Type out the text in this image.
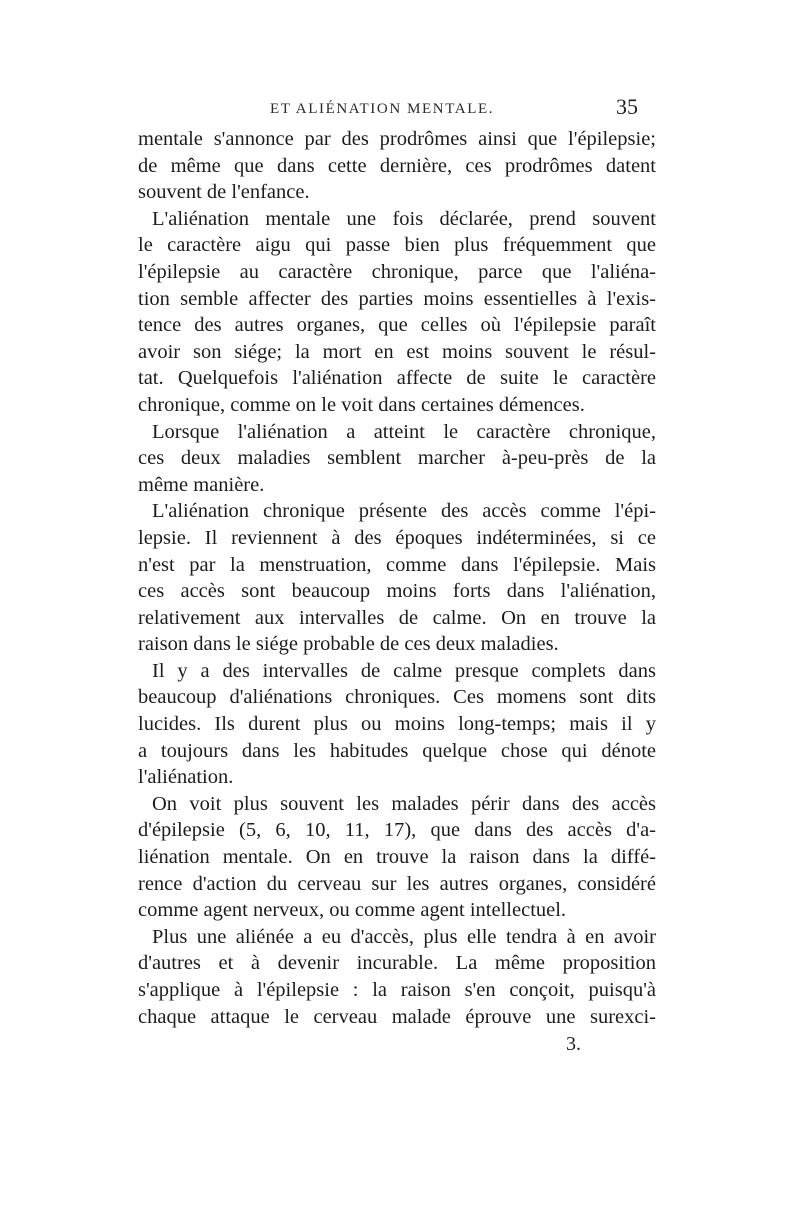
ET ALIÉNATION MENTALE.	35

mentale s'annonce par des prodrômes ainsi que l'épilepsie;
de même que dans cette dernière, ces prodrômes datent
souvent de l'enfance.
L'aliénation mentale une fois déclarée, prend souvent
le caractère aigu qui passe bien plus fréquemment que
l'épilepsie au caractère chronique, parce que l'aliéna-
tion semble affecter des parties moins essentielles à l'exis-
tence des autres organes, que celles où l'épilepsie paraît
avoir son siége; la mort en est moins souvent le résul-
tat. Quelquefois l'aliénation affecte de suite le caractère
chronique, comme on le voit dans certaines démences.
Lorsque l'aliénation a atteint le caractère chronique,
ces deux maladies semblent marcher à-peu-près de la
même manière.
L'aliénation chronique présente des accès comme l'épi-
lepsie. Il reviennent à des époques indéterminées, si ce
n'est par la menstruation, comme dans l'épilepsie. Mais
ces accès sont beaucoup moins forts dans l'aliénation,
relativement aux intervalles de calme. On en trouve la
raison dans le siége probable de ces deux maladies.
Il y a des intervalles de calme presque complets dans
beaucoup d'aliénations chroniques. Ces momens sont dits
lucides. Ils durent plus ou moins long-temps; mais il y
a toujours dans les habitudes quelque chose qui dénote
l'aliénation.
On voit plus souvent les malades périr dans des accès
d'épilepsie (5, 6, 10, 11, 17), que dans des accès d'a-
liénation mentale. On en trouve la raison dans la diffé-
rence d'action du cerveau sur les autres organes, considéré
comme agent nerveux, ou comme agent intellectuel.
Plus une aliénée a eu d'accès, plus elle tendra à en avoir
d'autres et à devenir incurable. La même proposition
s'applique à l'épilepsie : la raison s'en conçoit, puisqu'à
chaque attaque le cerveau malade éprouve une surexci-
3.
